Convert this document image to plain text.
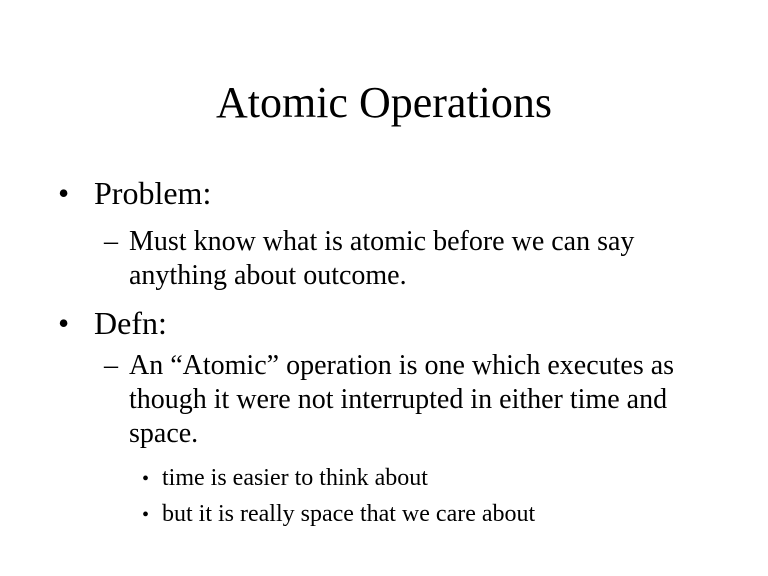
Atomic Operations
• Problem:
– Must know what is atomic before we can say anything about outcome.
• Defn:
– An “Atomic” operation is one which executes as though it were not interrupted in either time and space.
• time is easier to think about
• but it is really space that we care about
